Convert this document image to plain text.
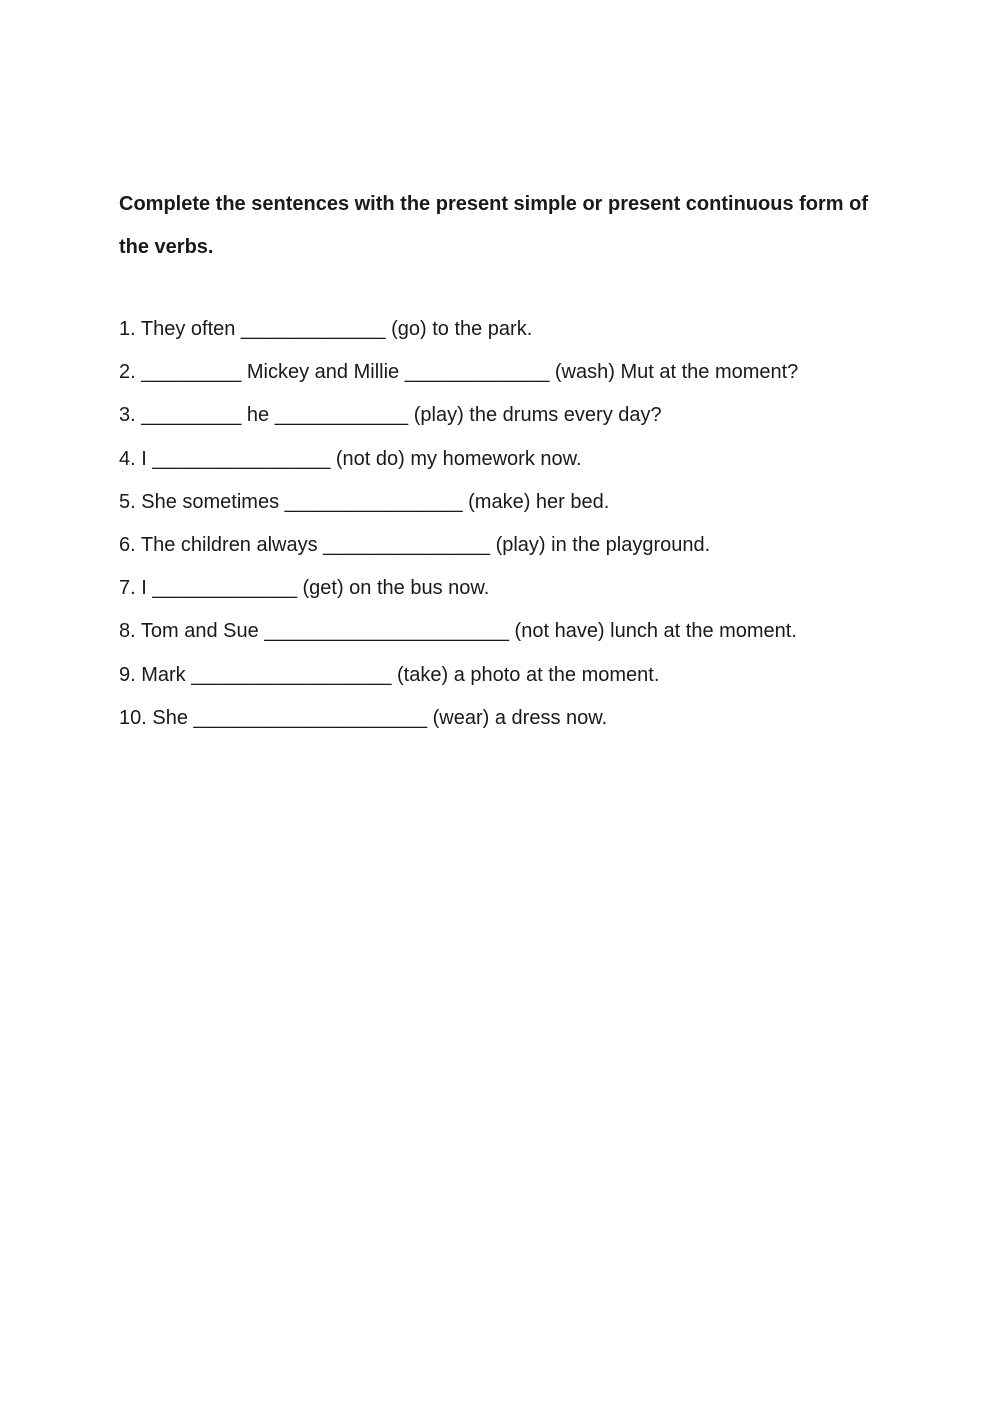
Complete the sentences with the present simple or present continuous form of the verbs.

1. They often _____________ (go) to the park.
2. _________ Mickey and Millie _____________ (wash) Mut at the moment?
3. _________ he ____________ (play) the drums every day?
4. I ________________ (not do) my homework now.
5. She sometimes ________________ (make) her bed.
6. The children always _______________ (play) in the playground.
7. I _____________ (get) on the bus now.
8. Tom and Sue ______________________ (not have) lunch at the moment.
9. Mark __________________ (take) a photo at the moment.
10. She _____________________ (wear) a dress now.
